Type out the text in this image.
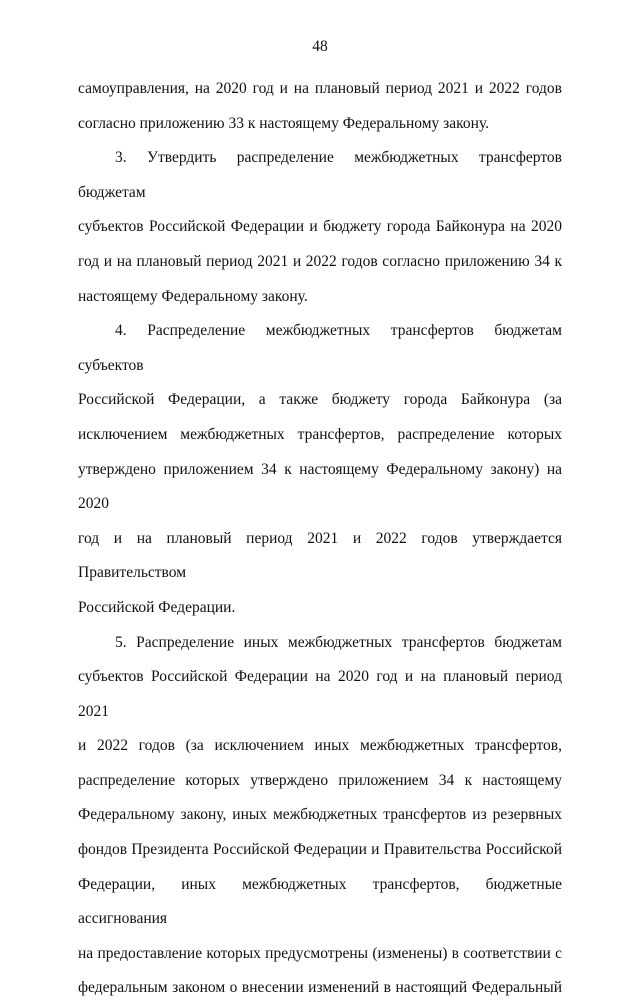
48

самоуправления, на 2020 год и на плановый период 2021 и 2022 годов

согласно приложению 33 к настоящему Федеральному закону.

3. Утвердить распределение межбюджетных трансфертов бюджетам

субъектов Российской Федерации и бюджету города Байконура на 2020

год и на плановый период 2021 и 2022 годов согласно приложению 34 к

настоящему Федеральному закону.

4. Распределение межбюджетных трансфертов бюджетам субъектов

Российской Федерации, а также бюджету города Байконура (за

исключением межбюджетных трансфертов, распределение которых

утверждено приложением 34 к настоящему Федеральному закону) на 2020

год и на плановый период 2021 и 2022 годов утверждается Правительством

Российской Федерации.

5. Распределение иных межбюджетных трансфертов бюджетам

субъектов Российской Федерации на 2020 год и на плановый период 2021

и 2022 годов (за исключением иных межбюджетных трансфертов,

распределение которых утверждено приложением 34 к настоящему

Федеральному закону, иных межбюджетных трансфертов из резервных

фондов Президента Российской Федерации и Правительства Российской

Федерации, иных межбюджетных трансфертов, бюджетные ассигнования

на предоставление которых предусмотрены (изменены) в соответствии с

федеральным законом о внесении изменений в настоящий Федеральный
